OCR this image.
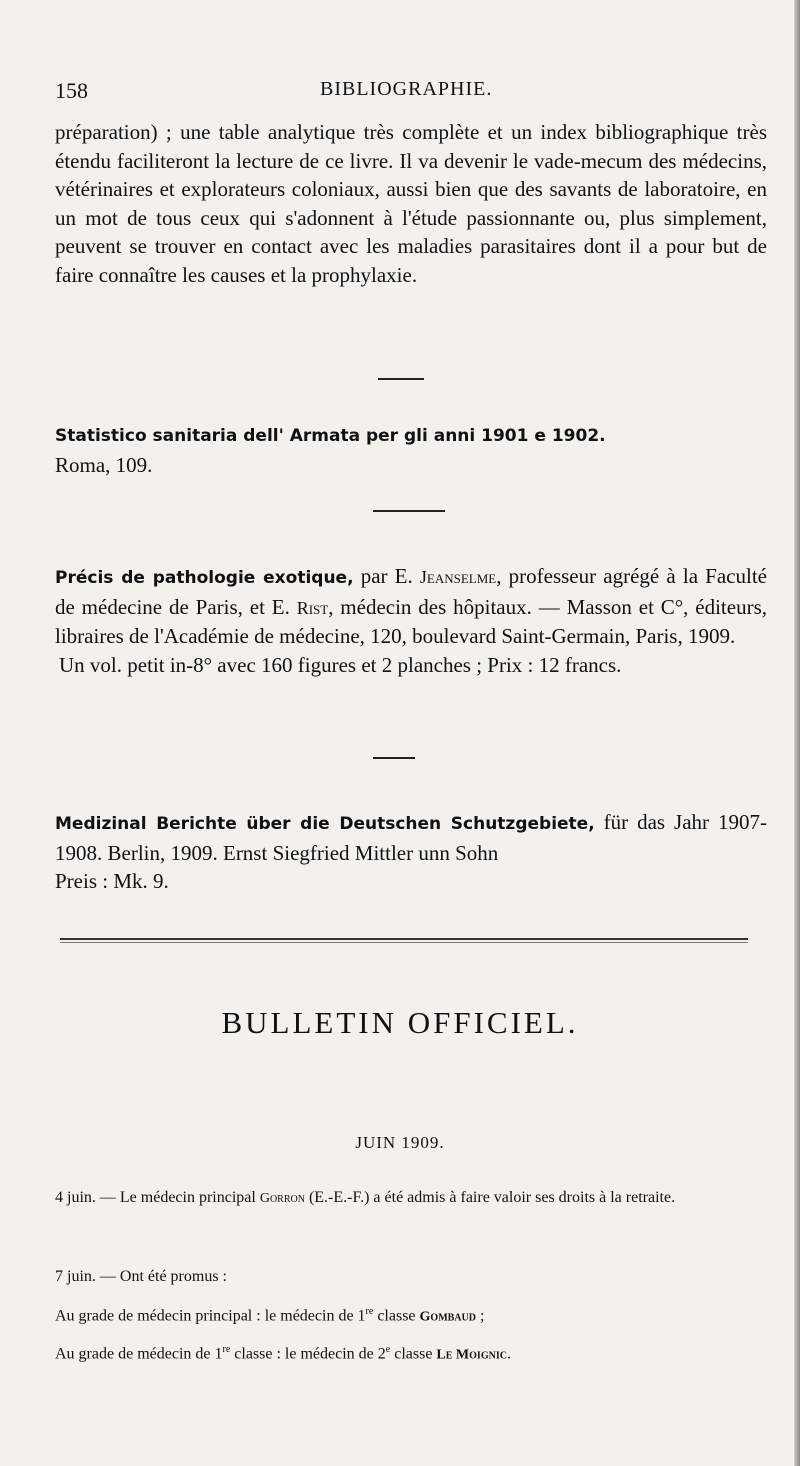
158	BIBLIOGRAPHIE.
préparation) ; une table analytique très complète et un index bibliographique très étendu faciliteront la lecture de ce livre. Il va devenir le vade-mecum des médecins, vétérinaires et explorateurs coloniaux, aussi bien que des savants de laboratoire, en un mot de tous ceux qui s'adonnent à l'étude passionnante ou, plus simplement, peuvent se trouver en contact avec les maladies parasitaires dont il a pour but de faire connaître les causes et la prophylaxie.
Statistico sanitaria dell' Armata per gli anni 1901 e 1902.
Roma, 109.
Précis de pathologie exotique, par E. Jeanselme, professeur agrégé à la Faculté de médecine de Paris, et E. Rist, médecin des hôpitaux. — Masson et C°, éditeurs, libraires de l'Académie de médecine, 120, boulevard Saint-Germain, Paris, 1909.
Un vol. petit in-8° avec 160 figures et 2 planches ; Prix : 12 francs.
Medizinal Berichte über die Deutschen Schutzgebiete, für das Jahr 1907-1908. Berlin, 1909. Ernst Siegfried Mittler unn Sohn
Preis : Mk. 9.
BULLETIN OFFICIEL.
JUIN 1909.
4 juin. — Le médecin principal Gorron (E.-E.-F.) a été admis à faire valoir ses droits à la retraite.
7 juin. — Ont été promus :
Au grade de médecin principal : le médecin de 1re classe Gombaud ;
Au grade de médecin de 1re classe : le médecin de 2e classe Le Moignic.
